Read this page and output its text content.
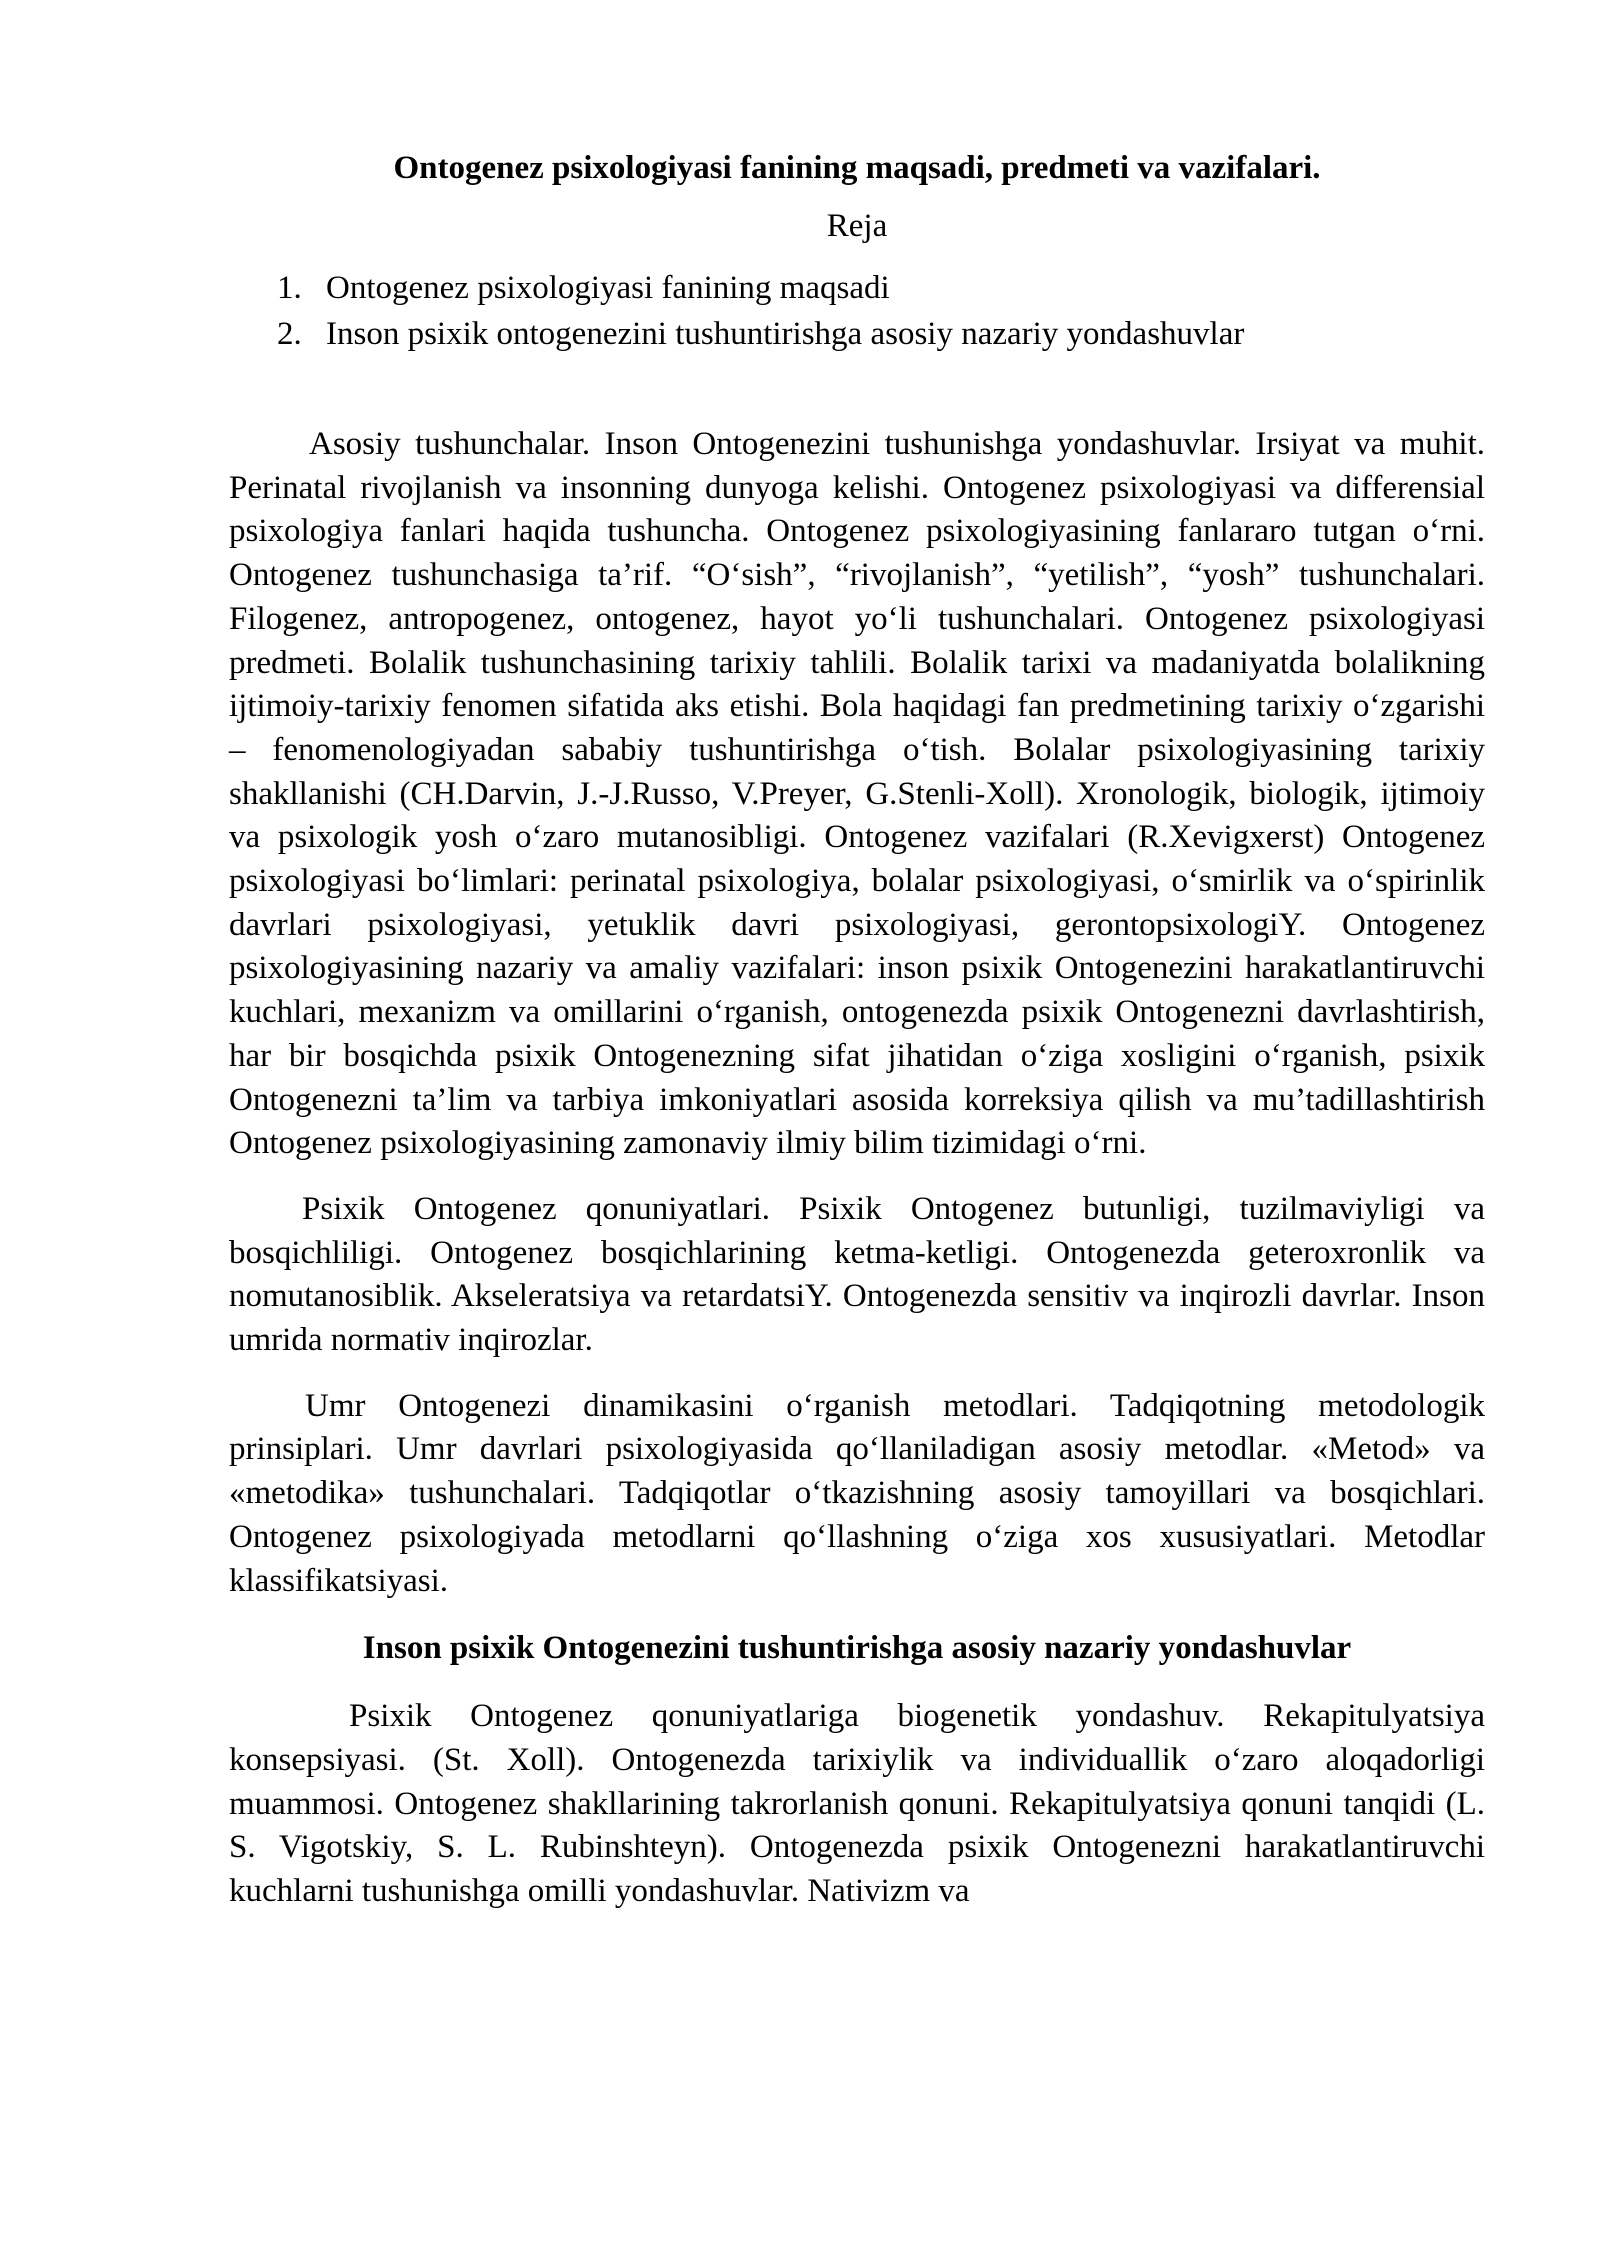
Ontogenez psixologiyasi fanining maqsadi, predmeti va vazifalari.
Reja
1. Ontogenez psixologiyasi fanining maqsadi
2. Inson psixik ontogenezini tushuntirishga asosiy nazariy yondashuvlar

Asosiy tushunchalar. Inson Ontogenezini tushunishga yondashuvlar. Irsiyat va muhit. Perinatal rivojlanish va insonning dunyoga kelishi. Ontogenez psixologiyasi va differensial psixologiya fanlari haqida tushuncha. Ontogenez psixologiyasining fanlararo tutgan o‘rni. Ontogenez tushunchasiga ta’rif. “O‘sish”, “rivojlanish”, “yetilish”, “yosh” tushunchalari. Filogenez, antropogenez, ontogenez, hayot yo‘li tushunchalari. Ontogenez psixologiyasi predmeti. Bolalik tushunchasining tarixiy tahlili. Bolalik tarixi va madaniyatda bolalikning ijtimoiy-tarixiy fenomen sifatida aks etishi. Bola haqidagi fan predmetining tarixiy o‘zgarishi – fenomenologiyadan sababiy tushuntirishga o‘tish. Bolalar psixologiyasining tarixiy shakllanishi (CH.Darvin, J.-J.Russo, V.Preyer, G.Stenli-Xoll). Xronologik, biologik, ijtimoiy va psixologik yosh o‘zaro mutanosibligi. Ontogenez vazifalari (R.Xevigxerst) Ontogenez psixologiyasi bo‘limlari: perinatal psixologiya, bolalar psixologiyasi, o‘smirlik va o‘spirinlik davrlari psixologiyasi, yetuklik davri psixologiyasi, gerontopsixologiY. Ontogenez psixologiyasining nazariy va amaliy vazifalari: inson psixik Ontogenezini harakatlantiruvchi kuchlari, mexanizm va omillarini o‘rganish, ontogenezda psixik Ontogenezni davrlashtirish, har bir bosqichda psixik Ontogenezning sifat jihatidan o‘ziga xosligini o‘rganish, psixik Ontogenezni ta’lim va tarbiya imkoniyatlari asosida korreksiya qilish va mu’tadillashtirish Ontogenez psixologiyasining zamonaviy ilmiy bilim tizimidagi o‘rni.

Psixik Ontogenez qonuniyatlari. Psixik Ontogenez butunligi, tuzilmaviyligi va bosqichliligi. Ontogenez bosqichlarining ketma-ketligi. Ontogenezda geteroxronlik va nomutanosiblik. Akseleratsiya va retardatsiY. Ontogenezda sensitiv va inqirozli davrlar. Inson umrida normativ inqirozlar.

Umr Ontogenezi dinamikasini o‘rganish metodlari. Tadqiqotning metodologik prinsiplari. Umr davrlari psixologiyasida qo‘llaniladigan asosiy metodlar. «Metod» va «metodika» tushunchalari. Tadqiqotlar o‘tkazishning asosiy tamoyillari va bosqichlari. Ontogenez psixologiyada metodlarni qo‘llashning o‘ziga xos xususiyatlari. Metodlar klassifikatsiyasi.

Inson psixik Ontogenezini tushuntirishga asosiy nazariy yondashuvlar

Psixik Ontogenez qonuniyatlariga biogenetik yondashuv. Rekapitulyatsiya konsepsiyasi. (St. Xoll). Ontogenezda tarixiylik va individuallik o‘zaro aloqadorligi muammosi. Ontogenez shakllarining takrorlanish qonuni. Rekapitulyatsiya qonuni tanqidi (L. S. Vigotskiy, S. L. Rubinshteyn). Ontogenezda psixik Ontogenezni harakatlantiruvchi kuchlarni tushunishga omilli yondashuvlar. Nativizm va
